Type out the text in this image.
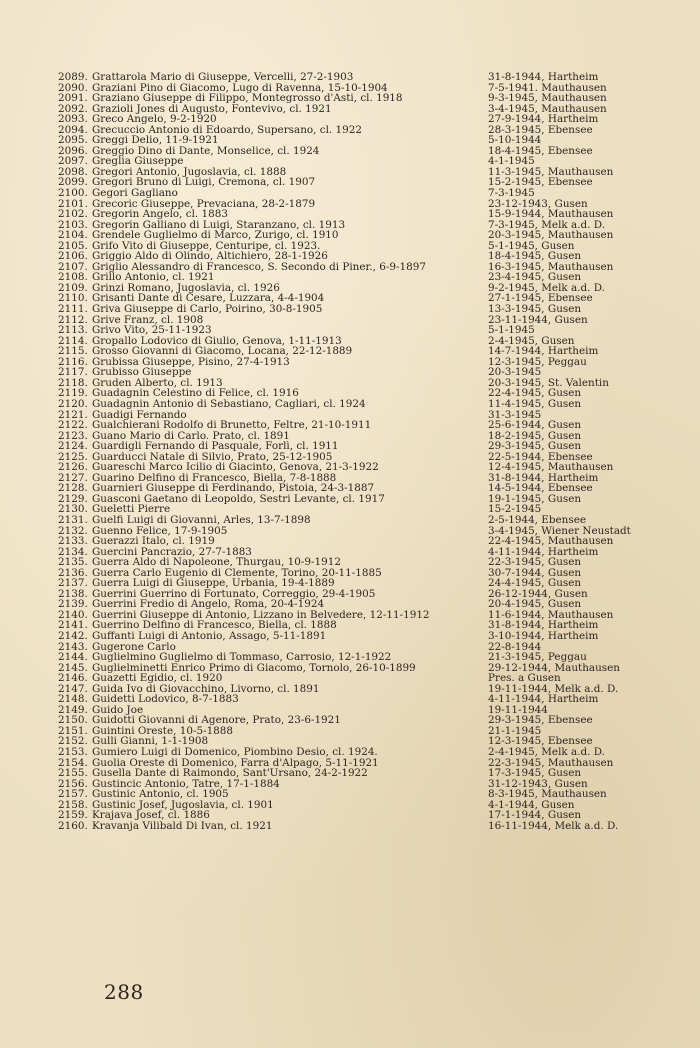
2089. Grattarola Mario di Giuseppe, Vercelli, 27-2-1903	31-8-1944, Hartheim
2090. Graziani Pino di Giacomo, Lugo di Ravenna, 15-10-1904	7-5-1941. Mauthausen
2091. Graziano Giuseppe di Filippo, Montegrosso d'Asti, cl. 1918	9-3-1945, Mauthausen
2092. Grazioli Jones di Augusto, Fontevivo, cl. 1921	3-4-1945, Mauthausen
2093. Greco Angelo, 9-2-1920	27-9-1944, Hartheim
2094. Grecuccio Antonio di Edoardo, Supersano, cl. 1922	28-3-1945, Ebensee
2095. Greggi Delio, 11-9-1921	5-10-1944
2096. Greggio Dino di Dante, Monselice, cl. 1924	18-4-1945, Ebensee
2097. Greglia Giuseppe	4-1-1945
2098. Gregori Antonio, Jugoslavia, cl. 1888	11-3-1945, Mauthausen
2099. Gregori Bruno di Luigi, Cremona, cl. 1907	15-2-1945, Ebensee
2100. Gegori Gagliano	7-3-1945
2101. Grecoric Giuseppe, Prevaciana, 28-2-1879	23-12-1943, Gusen
2102. Gregorin Angelo, cl. 1883	15-9-1944, Mauthausen
2103. Gregorin Galliano di Luigi, Staranzano, cl. 1913	7-3-1945, Melk a.d. D.
2104. Grendele Guglielmo di Marco, Zurigo, cl. 1910	20-3-1945, Mauthausen
2105. Grifo Vito di Giuseppe, Centuripe, cl. 1923.	5-1-1945, Gusen
2106. Griggio Aldo di Olindo, Altichiero, 28-1-1926	18-4-1945, Gusen
2107. Griglio Alessandro di Francesco, S. Secondo di Piner., 6-9-1897	16-3-1945, Mauthausen
2108. Grillo Antonio, cl. 1921	23-4-1945, Gusen
2109. Grinzi Romano, Jugoslavia, cl. 1926	9-2-1945, Melk a.d. D.
2110. Grisanti Dante di Cesare, Luzzara, 4-4-1904	27-1-1945, Ebensee
2111. Griva Giuseppe di Carlo, Poirino, 30-8-1905	13-3-1945, Gusen
2112. Grive Franz, cl. 1908	23-11-1944, Gusen
2113. Grivo Vito, 25-11-1923	5-1-1945
2114. Gropallo Lodovico di Giulio, Genova, 1-11-1913	2-4-1945, Gusen
2115. Grosso Giovanni di Giacomo, Locana, 22-12-1889	14-7-1944, Hartheim
2116. Grubissa Giuseppe, Pisino, 27-4-1913	12-3-1945, Peggau
2117. Grubisso Giuseppe	20-3-1945
2118. Gruden Alberto, cl. 1913	20-3-1945, St. Valentin
2119. Guadagnin Celestino di Felice, cl. 1916	22-4-1945, Gusen
2120. Guadagnin Antonio di Sebastiano, Cagliari, cl. 1924	11-4-1945, Gusen
2121. Guadigi Fernando	31-3-1945
2122. Gualchierani Rodolfo di Brunetto, Feltre, 21-10-1911	25-6-1944, Gusen
2123. Guano Mario di Carlo. Prato, cl. 1891	18-2-1945, Gusen
2124. Guardigli Fernando di Pasquale, Forlì, cl. 1911	29-3-1945, Gusen
2125. Guarducci Natale di Silvio, Prato, 25-12-1905	22-5-1944, Ebensee
2126. Guareschi Marco Icilio di Giacinto, Genova, 21-3-1922	12-4-1945, Mauthausen
2127. Guarino Delfino di Francesco, Biella, 7-8-1888	31-8-1944, Hartheim
2128. Guarnieri Giuseppe di Ferdinando, Pistoia, 24-3-1887	14-5-1944, Ebensee
2129. Guasconi Gaetano di Leopoldo, Sestri Levante, cl. 1917	19-1-1945, Gusen
2130. Gueletti Pierre	15-2-1945
2131. Guelfi Luigi di Giovanni, Arles, 13-7-1898	2-5-1944, Ebensee
2132. Guenno Felice, 17-9-1905	3-4-1945, Wiener Neustadt
2133. Guerazzi Italo, cl. 1919	22-4-1945, Mauthausen
2134. Guercini Pancrazio, 27-7-1883	4-11-1944, Hartheim
2135. Guerra Aldo di Napoleone, Thurgau, 10-9-1912	22-3-1945, Gusen
2136. Guerra Carlo Eugenio di Clemente, Torino, 20-11-1885	30-7-1944, Gusen
2137. Guerra Luigi di Giuseppe, Urbania, 19-4-1889	24-4-1945, Gusen
2138. Guerrini Guerrino di Fortunato, Correggio, 29-4-1905	26-12-1944, Gusen
2139. Guerrini Fredio di Angelo, Roma, 20-4-1924	20-4-1945, Gusen
2140. Guerrini Giuseppe di Antonio, Lizzano in Belvedere, 12-11-1912	11-6-1944, Mauthausen
2141. Guerrino Delfino di Francesco, Biella, cl. 1888	31-8-1944, Hartheim
2142. Guffanti Luigi di Antonio, Assago, 5-11-1891	3-10-1944, Hartheim
2143. Gugerone Carlo	22-8-1944
2144. Guglielmino Guglielmo di Tommaso, Carrosio, 12-1-1922	21-3-1945, Peggau
2145. Guglielminetti Enrico Primo di Giacomo, Tornolo, 26-10-1899	29-12-1944, Mauthausen
2146. Guazetti Egidio, cl. 1920	Pres. a Gusen
2147. Guida Ivo di Giovacchino, Livorno, cl. 1891	19-11-1944, Melk a.d. D.
2148. Guidetti Lodovico, 8-7-1883	4-11-1944, Hartheim
2149. Guido Joe	19-11-1944
2150. Guidotti Giovanni di Agenore, Prato, 23-6-1921	29-3-1945, Ebensee
2151. Guintini Oreste, 10-5-1888	21-1-1945
2152. Gulli Gianni, 1-1-1908	12-3-1945, Ebensee
2153. Gumiero Luigi di Domenico, Piombino Desio, cl. 1924.	2-4-1945, Melk a.d. D.
2154. Guolia Oreste di Domenico, Farra d'Alpago, 5-11-1921	22-3-1945, Mauthausen
2155. Gusella Dante di Raimondo, Sant'Ursano, 24-2-1922	17-3-1945, Gusen
2156. Gustincic Antonio, Tatre, 17-1-1884	31-12-1943, Gusen
2157. Gustinic Antonio, cl. 1905	8-3-1945, Mauthausen
2158. Gustinic Josef, Jugoslavia, cl. 1901	4-1-1944, Gusen
2159. Krajava Josef, cl. 1886	17-1-1944, Gusen
2160. Kravanja Vilibald Di Ivan, cl. 1921	16-11-1944, Melk a.d. D.
288
